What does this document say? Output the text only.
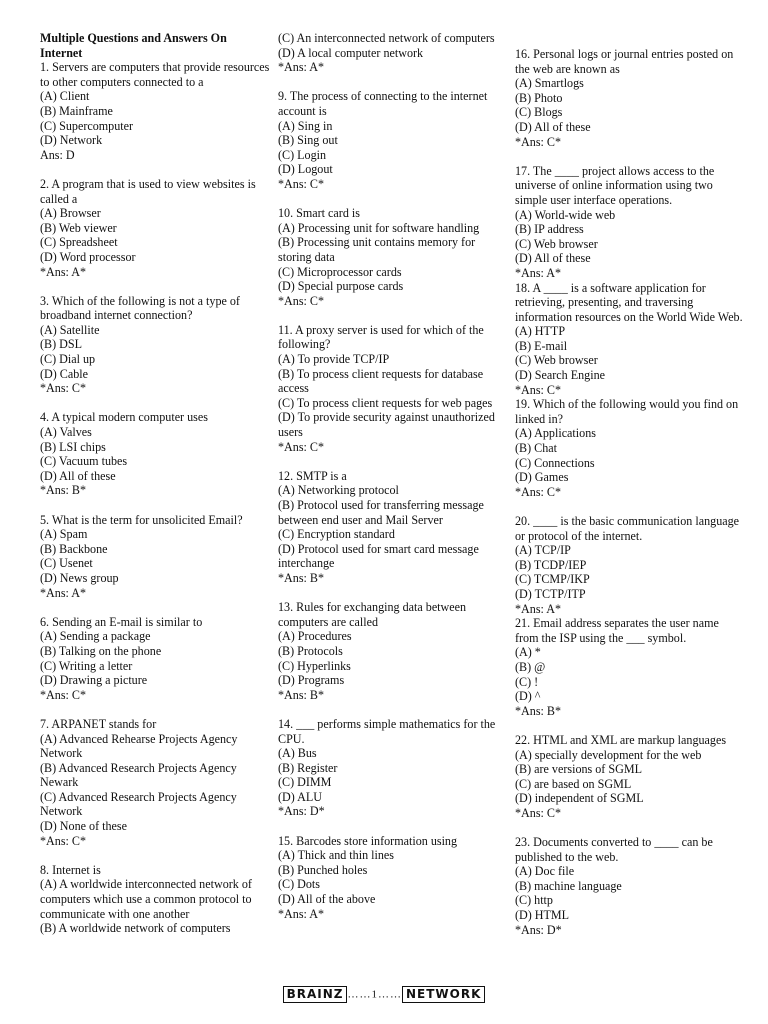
Multiple Questions and Answers On Internet
1. Servers are computers that provide resources to other computers connected to a
(A) Client
(B) Mainframe
(C) Supercomputer
(D) Network
Ans: D
2. A program that is used to view websites is called a
(A) Browser
(B) Web viewer
(C) Spreadsheet
(D) Word processor
*Ans: A*
3. Which of the following is not a type of broadband internet connection?
(A) Satellite
(B) DSL
(C) Dial up
(D) Cable
*Ans: C*
4. A typical modern computer uses
(A) Valves
(B) LSI chips
(C) Vacuum tubes
(D) All of these
*Ans: B*
5. What is the term for unsolicited Email?
(A) Spam
(B) Backbone
(C) Usenet
(D) News group
*Ans: A*
6. Sending an E-mail is similar to
(A) Sending a package
(B) Talking on the phone
(C) Writing a letter
(D) Drawing a picture
*Ans: C*
7. ARPANET stands for
(A) Advanced Rehearse Projects Agency Network
(B) Advanced Research Projects Agency Newark
(C) Advanced Research Projects Agency Network
(D) None of these
*Ans: C*
8. Internet is
(A) A worldwide interconnected network of computers which use a common protocol to communicate with one another
(B) A worldwide network of computers
(C) An interconnected network of computers
(D) A local computer network
*Ans: A*
9. The process of connecting to the internet account is
(A) Sing in
(B) Sing out
(C) Login
(D) Logout
*Ans: C*
10. Smart card is
(A) Processing unit for software handling
(B) Processing unit contains memory for storing data
(C) Microprocessor cards
(D) Special purpose cards
*Ans: C*
11. A proxy server is used for which of the following?
(A) To provide TCP/IP
(B) To process client requests for database access
(C) To process client requests for web pages
(D) To provide security against unauthorized users
*Ans: C*
12. SMTP is a
(A) Networking protocol
(B) Protocol used for transferring message between end user and Mail Server
(C) Encryption standard
(D) Protocol used for smart card message interchange
*Ans: B*
13. Rules for exchanging data between computers are called
(A) Procedures
(B) Protocols
(C) Hyperlinks
(D) Programs
*Ans: B*
14. ___ performs simple mathematics for the CPU.
(A) Bus
(B) Register
(C) DIMM
(D) ALU
*Ans: D*
15. Barcodes store information using
(A) Thick and thin lines
(B) Punched holes
(C) Dots
(D) All of the above
*Ans: A*
16. Personal logs or journal entries posted on the web are known as
(A) Smartlogs
(B) Photo
(C) Blogs
(D) All of these
*Ans: C*
17. The ____ project allows access to the universe of online information using two simple user interface operations.
(A) World-wide web
(B) IP address
(C) Web browser
(D) All of these
*Ans: A*
18. A ____ is a software application for retrieving, presenting, and traversing information resources on the World Wide Web.
(A) HTTP
(B) E-mail
(C) Web browser
(D) Search Engine
*Ans: C*
19. Which of the following would you find on linked in?
(A) Applications
(B) Chat
(C) Connections
(D) Games
*Ans: C*
20. ____ is the basic communication language or protocol of the internet.
(A) TCP/IP
(B) TCDP/IEP
(C) TCMP/IKP
(D) TCTP/ITP
*Ans: A*
21. Email address separates the user name from the ISP using the ___ symbol.
(A) *
(B) @
(C) !
(D) ^
*Ans: B*
22. HTML and XML are markup languages
(A) specially development for the web
(B) are versions of SGML
(C) are based on SGML
(D) independent of SGML
*Ans: C*
23. Documents converted to ____ can be published to the web.
(A) Doc file
(B) machine language
(C) http
(D) HTML
*Ans: D*
BRAINZ ……1…… NETWORK
